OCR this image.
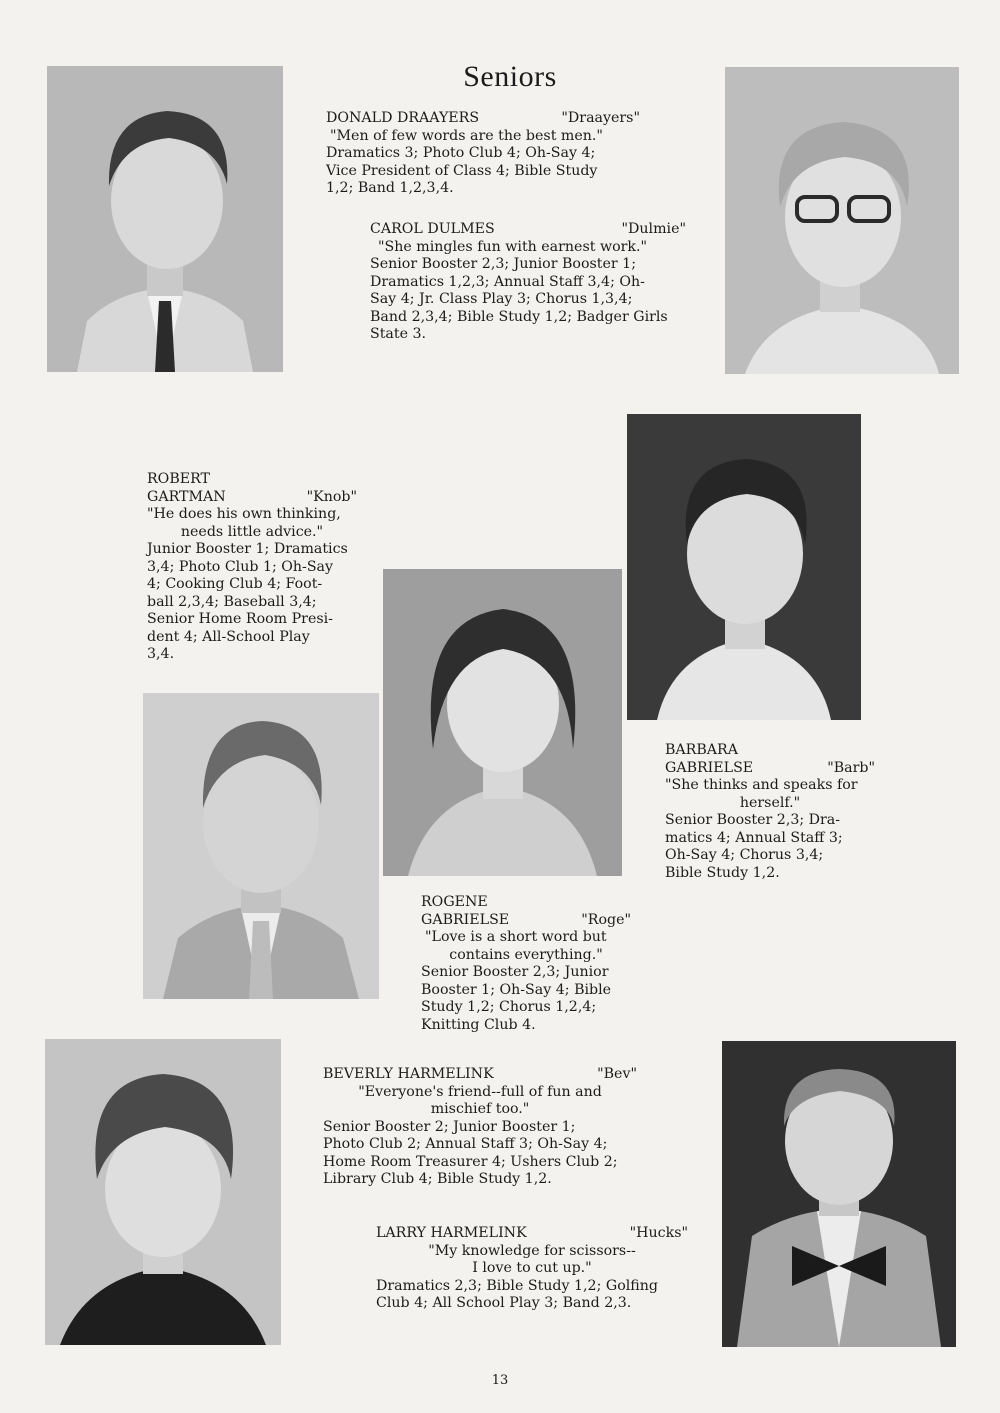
Seniors
DONALD DRAAYERS	"Draayers"
"Men of few words are the best men."
Dramatics 3; Photo Club 4; Oh-Say 4;
Vice President of Class 4; Bible Study
1,2; Band 1,2,3,4.
CAROL DULMES	"Dulmie"
"She mingles fun with earnest work."
Senior Booster 2,3; Junior Booster 1;
Dramatics 1,2,3; Annual Staff 3,4; Oh-
Say 4; Jr. Class Play 3; Chorus 1,3,4;
Band 2,3,4; Bible Study 1,2; Badger Girls
State 3.
ROBERT
GARTMAN	"Knob"
"He does his own thinking,
needs little advice."
Junior Booster 1; Dramatics
3,4; Photo Club 1; Oh-Say
4; Cooking Club 4; Foot-
ball 2,3,4; Baseball 3,4;
Senior Home Room Presi-
dent 4; All-School Play
3,4.
BARBARA
GABRIELSE	"Barb"
"She thinks and speaks for
herself."
Senior Booster 2,3; Dra-
matics 4; Annual Staff 3;
Oh-Say 4; Chorus 3,4;
Bible Study 1,2.
ROGENE
GABRIELSE	"Roge"
"Love is a short word but
contains everything."
Senior Booster 2,3; Junior
Booster 1; Oh-Say 4; Bible
Study 1,2; Chorus 1,2,4;
Knitting Club 4.
BEVERLY HARMELINK	"Bev"
"Everyone's friend--full of fun and
mischief too."
Senior Booster 2; Junior Booster 1;
Photo Club 2; Annual Staff 3; Oh-Say 4;
Home Room Treasurer 4; Ushers Club 2;
Library Club 4; Bible Study 1,2.
LARRY HARMELINK	"Hucks"
"My knowledge for scissors--
I love to cut up."
Dramatics 2,3; Bible Study 1,2; Golfing
Club 4; All School Play 3; Band 2,3.
13
